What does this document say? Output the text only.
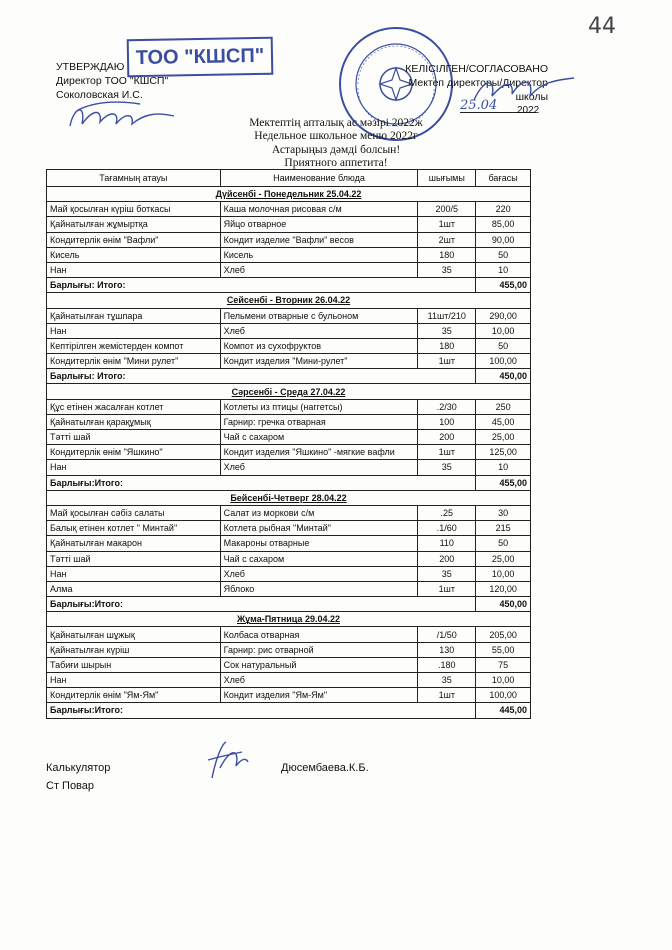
44
УТВЕРЖДАЮ
Директор ТОО "КШСП"
Соколовская И.С.
ТОО "КШСП"	КЕЛІСІЛГЕН/СОГЛАСОВАНО
Мектеп директоры/Директор школы
25.04 2022
Мектептің апталық ас мәзірі 2022ж
Недельное школьное меню 2022г
Астарыңыз дәмді болсын!
Приятного аппетита!
Тағамның атауы	Наименование блюда	шығымы	бағасы
Дүйсенбі - Понедельник 25.04.22			
Май қосылған күріш боткасы	Каша молочная рисовая с/м	200/5	220
Қайнатылған жұмыртқа	Яйцо отварное	1шт	85,00
Кондитерлік өнім "Вафли"	Кондит изделие "Вафли" весов	2шт	90,00
Кисель	Кисель	180	50
Нан	Хлеб	35	10
Барлығы: Итого:			455,00
Сейсенбі - Вторник 26.04.22			
Қайнатылған тұшпара	Пельмени отварные с бульоном	11шт/210	290,00
Нан	Хлеб	35	10,00
Кептірілген жемістерден компот	Компот из сухофруктов	180	50
Кондитерлік өнім "Мини рулет"	Кондит изделия "Мини-рулет"	1шт	100,00
Барлығы: Итого:			450,00
Сәрсенбі - Среда 27.04.22			
Құс етінен жасалған котлет	Котлеты из птицы (наггетсы)	.2/30	250
Қайнатылған қарақұмық	Гарнир: гречка отварная	100	45,00
Тәтті шай	Чай с сахаром	200	25,00
Кондитерлік өнім "Яшкино"	Кондит изделия "Яшкино" -мягкие вафли	1шт	125,00
Нан	Хлеб	35	10
Барлығы:Итого:			455,00
Бейсенбі-Четверг 28.04.22			
Май қосылған сәбіз салаты	Салат из моркови с/м	.25	30
Балық етінен котлет " Минтай"	Котлета рыбная "Минтай"	.1/60	215
Қайнатылған макарон	Макароны отварные	110	50
Тәтті шай	Чай с сахаром	200	25,00
Нан	Хлеб	35	10,00
Алма	Яблоко	1шт	120,00
Барлығы:Итого:			450,00
Жұма-Пятница 29.04.22			
Қайнатылған шұжық	Колбаса отварная	/1/50	205,00
Қайнатылған күріш	Гарнир: рис отварной	130	55,00
Табиғи шырын	Сок натуральный	.180	75
Нан	Хлеб	35	10,00
Кондитерлік өнім "Ям-Ям"	Кондит изделия "Ям-Ям"	1шт	100,00
Барлығы:Итого:			445,00
Калькулятор	Дюсембаева.К.Б.
Ст Повар
